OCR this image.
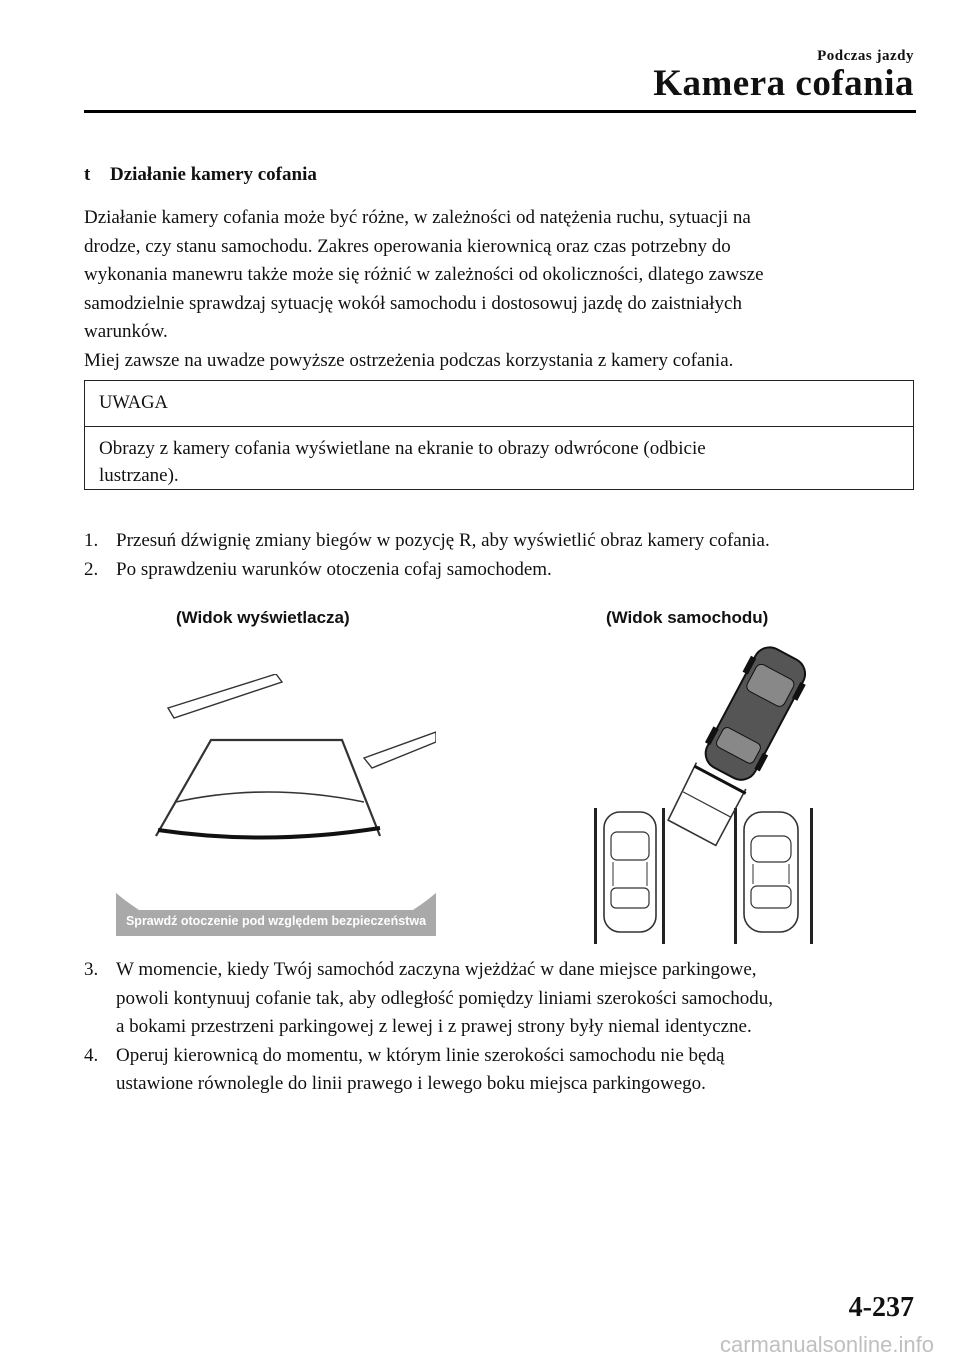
Podczas jazdy
Kamera cofania
t Działanie kamery cofania

Działanie kamery cofania może być różne, w zależności od natężenia ruchu, sytuacji na

drodze, czy stanu samochodu. Zakres operowania kierownicą oraz czas potrzebny do

wykonania manewru także może się różnić w zależności od okoliczności, dlatego zawsze

samodzielnie sprawdzaj sytuację wokół samochodu i dostosowuj jazdę do zaistniałych

warunków.

Miej zawsze na uwadze powyższe ostrzeżenia podczas korzystania z kamery cofania.

UWAGA
Obrazy z kamery cofania wyświetlane na ekranie to obrazy odwrócone (odbicie
lustrzane).
1. Przesuń dźwignię zmiany biegów w pozycję R, aby wyświetlić obraz kamery cofania.
2. Po sprawdzeniu warunków otoczenia cofaj samochodem.
(Widok wyświetlacza)	(Widok samochodu)
Sprawdź otoczenie pod względem bezpieczeństwa
3. W momencie, kiedy Twój samochód zaczyna wjeżdżać w dane miejsce parkingowe,
powoli kontynuuj cofanie tak, aby odległość pomiędzy liniami szerokości samochodu,
a bokami przestrzeni parkingowej z lewej i z prawej strony były niemal identyczne.
4. Operuj kierownicą do momentu, w którym linie szerokości samochodu nie będą
ustawione równolegle do linii prawego i lewego boku miejsca parkingowego.
4-237
carmanualsonline.info
